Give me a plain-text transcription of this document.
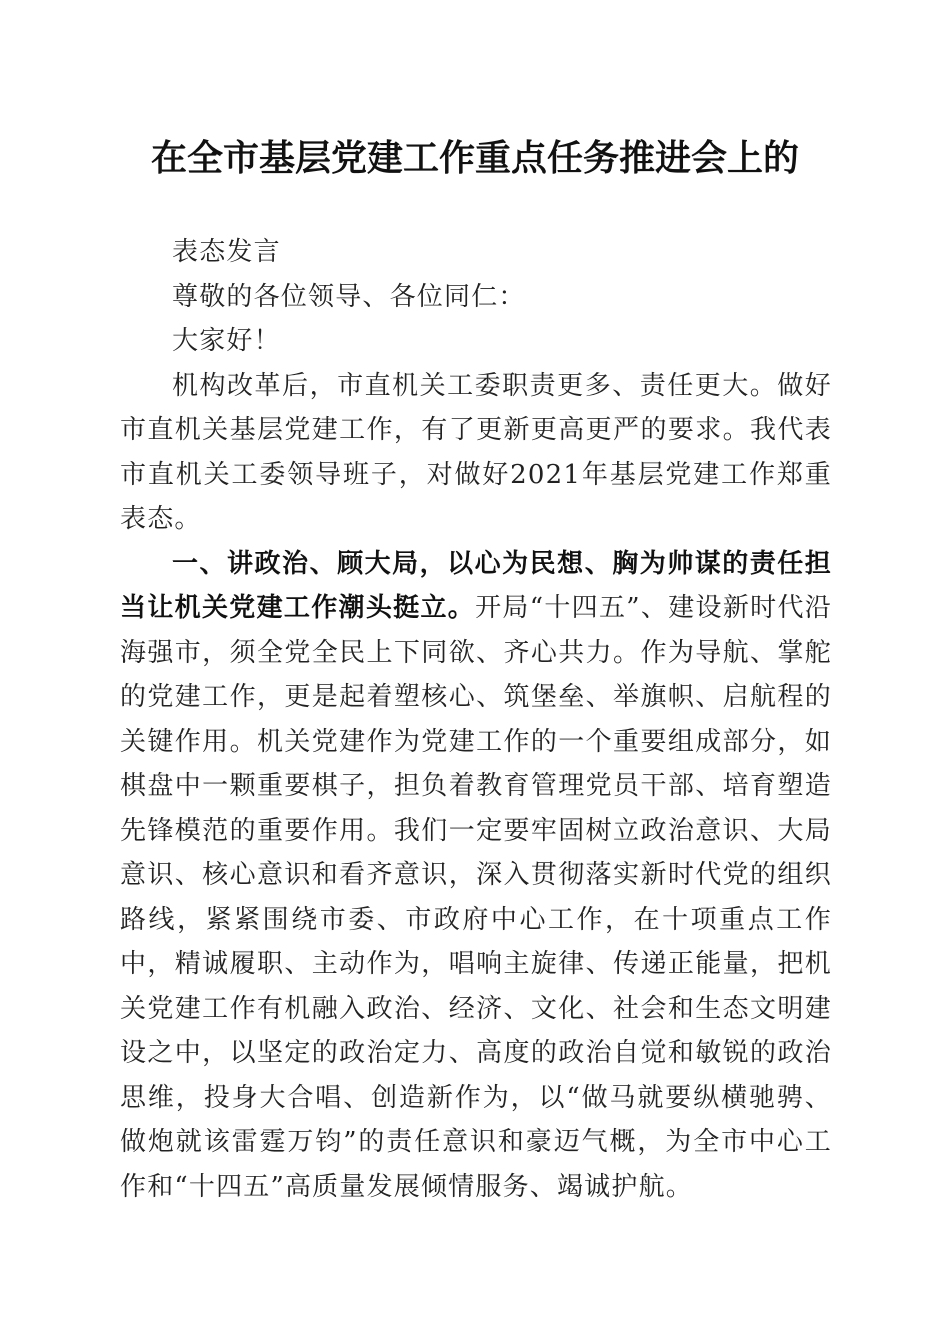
在全市基层党建工作重点任务推进会上的

表态发言

尊敬的各位领导、各位同仁：

大家好！

机构改革后，市直机关工委职责更多、责任更大。做好市直机关基层党建工作，有了更新更高更严的要求。我代表市直机关工委领导班子，对做好2021年基层党建工作郑重表态。

一、讲政治、顾大局，以心为民想、胸为帅谋的责任担当让机关党建工作潮头挺立。开局“十四五”、建设新时代沿海强市，须全党全民上下同欲、齐心共力。作为导航、掌舵的党建工作，更是起着塑核心、筑堡垒、举旗帜、启航程的关键作用。机关党建作为党建工作的一个重要组成部分，如棋盘中一颗重要棋子，担负着教育管理党员干部、培育塑造先锋模范的重要作用。我们一定要牢固树立政治意识、大局意识、核心意识和看齐意识，深入贯彻落实新时代党的组织路线，紧紧围绕市委、市政府中心工作，在十项重点工作中，精诚履职、主动作为，唱响主旋律、传递正能量，把机关党建工作有机融入政治、经济、文化、社会和生态文明建设之中，以坚定的政治定力、高度的政治自觉和敏锐的政治思维，投身大合唱、创造新作为，以“做马就要纵横驰骋、做炮就该雷霆万钧”的责任意识和豪迈气概，为全市中心工作和“十四五”高质量发展倾情服务、竭诚护航。
